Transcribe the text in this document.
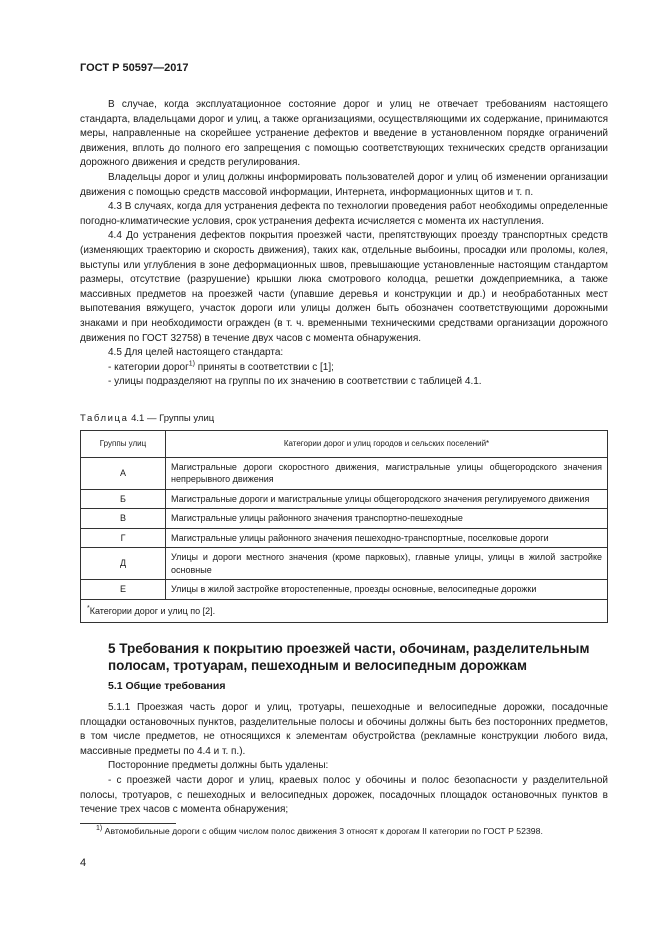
ГОСТ Р 50597—2017

В случае, когда эксплуатационное состояние дорог и улиц не отвечает требованиям настоящего стандарта, владельцами дорог и улиц, а также организациями, осуществляющими их содержание, принимаются меры, направленные на скорейшее устранение дефектов и введение в установленном порядке ограничений движения, вплоть до полного его запрещения с помощью соответствующих технических средств организации дорожного движения и средств регулирования.

Владельцы дорог и улиц должны информировать пользователей дорог и улиц об изменении организации движения с помощью средств массовой информации, Интернета, информационных щитов и т. п.

4.3 В случаях, когда для устранения дефекта по технологии проведения работ необходимы определенные погодно-климатические условия, срок устранения дефекта исчисляется с момента их наступления.

4.4 До устранения дефектов покрытия проезжей части, препятствующих проезду транспортных средств (изменяющих траекторию и скорость движения), таких как, отдельные выбоины, просадки или проломы, колея, выступы или углубления в зоне деформационных швов, превышающие установленные настоящим стандартом размеры, отсутствие (разрушение) крышки люка смотрового колодца, решетки дождеприемника, а также массивных предметов на проезжей части (упавшие деревья и конструкции и др.) и необработанных мест выпотевания вяжущего, участок дороги или улицы должен быть обозначен соответствующими дорожными знаками и при необходимости огражден (в т. ч. временными техническими средствами организации дорожного движения по ГОСТ 32758) в течение двух часов с момента обнаружения.

4.5 Для целей настоящего стандарта:

- категории дорог$^{1)}$ приняты в соответствии с [1];

- улицы подразделяют на группы по их значению в соответствии с таблицей 4.1.

Таблица 4.1 — Группы улиц
Группы улиц	Категории дорог и улиц городов и сельских поселений*
А	Магистральные дороги скоростного движения, магистральные улицы общегородского значения непрерывного движения
Б	Магистральные дороги и магистральные улицы общегородского значения регулируемого движения
В	Магистральные улицы районного значения транспортно-пешеходные
Г	Магистральные улицы районного значения пешеходно-транспортные, поселковые дороги
Д	Улицы и дороги местного значения (кроме парковых), главные улицы, улицы в жилой застройке основные
Е	Улицы в жилой застройке второстепенные, проезды основные, велосипедные дорожки
*Категории дорог и улиц по [2].	
5 Требования к покрытию проезжей части, обочинам, разделительным полосам, тротуарам, пешеходным и велосипедным дорожкам
5.1 Общие требования

5.1.1 Проезжая часть дорог и улиц, тротуары, пешеходные и велосипедные дорожки, посадочные площадки остановочных пунктов, разделительные полосы и обочины должны быть без посторонних предметов, в том числе предметов, не относящихся к элементам обустройства (рекламные конструкции любого вида, массивные предметы по 4.4 и т. п.).

Посторонние предметы должны быть удалены:

- с проезжей части дорог и улиц, краевых полос у обочины и полос безопасности у разделительной полосы, тротуаров, с пешеходных и велосипедных дорожек, посадочных площадок остановочных пунктов в течение трех часов с момента обнаружения;

$^{1)}$ Автомобильные дороги с общим числом полос движения 3 относят к дорогам II категории по ГОСТ Р 52398.
4
